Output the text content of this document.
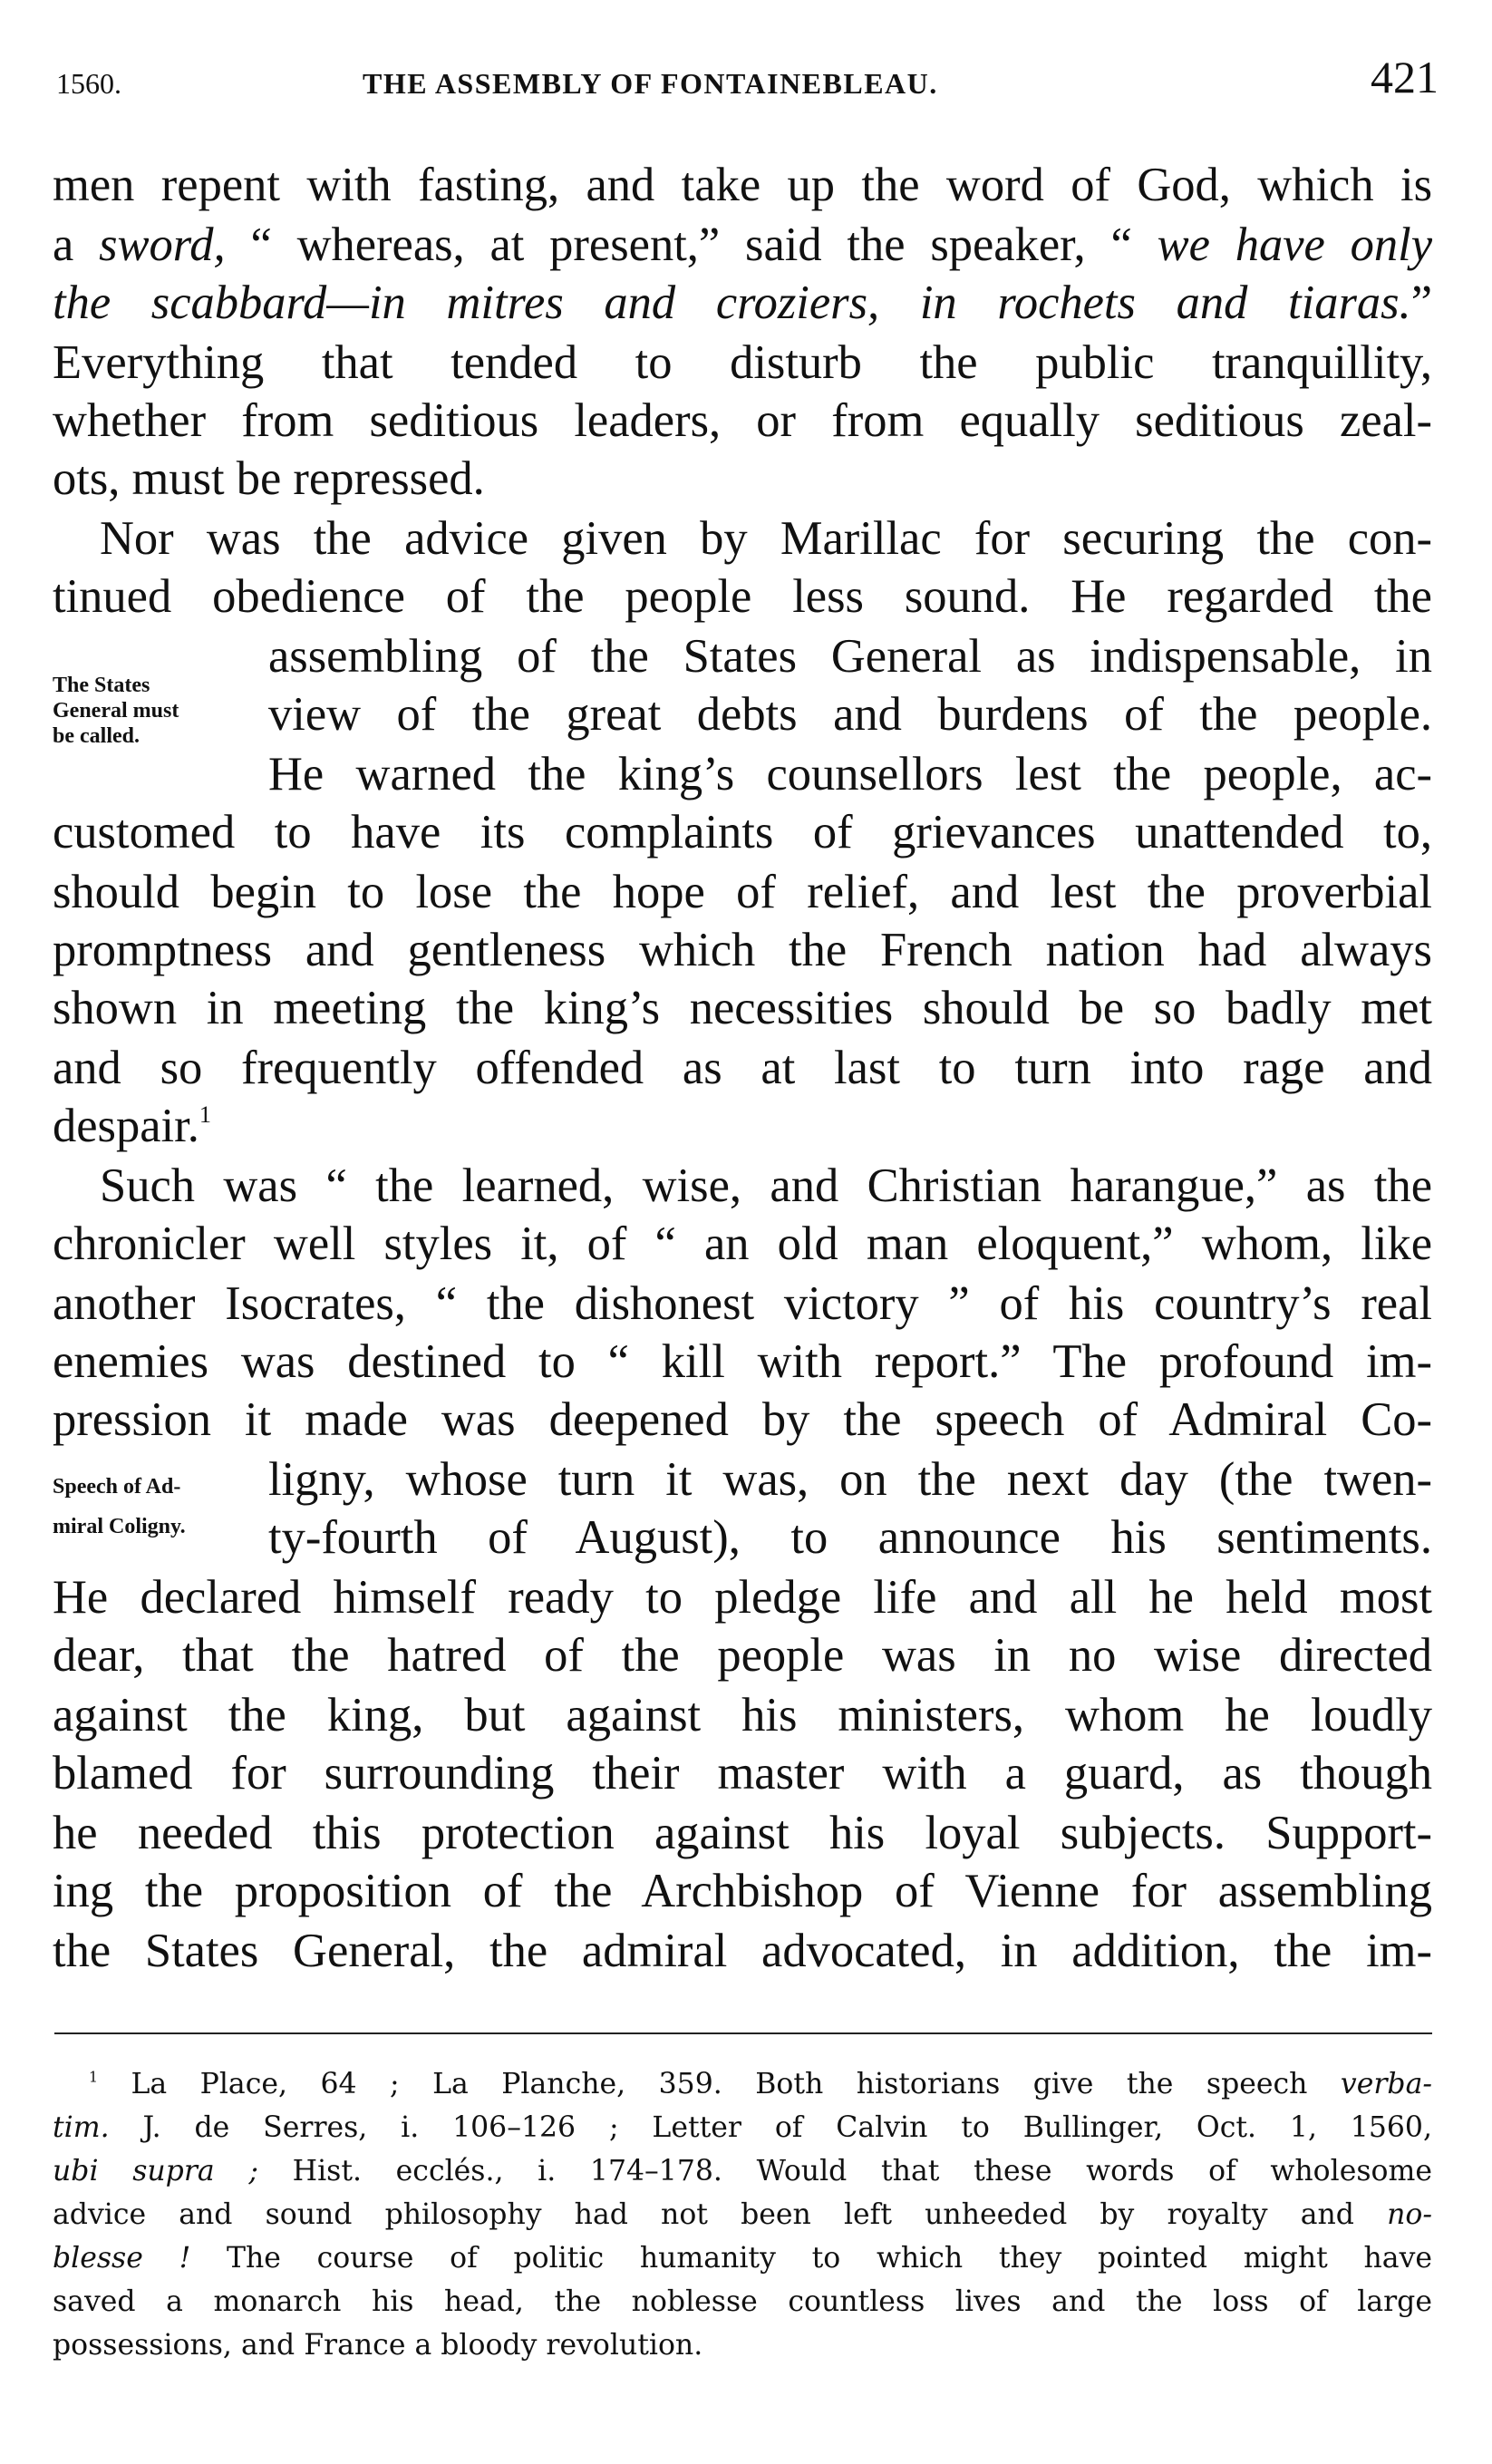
1560.	THE ASSEMBLY OF FONTAINEBLEAU.	421
men repent with fasting, and take up the word of God, which is
a sword, “ whereas, at present,” said the speaker, “ we have only
the scabbard—in mitres and croziers, in rochets and tiaras.”
Everything that tended to disturb the public tranquillity,
whether from seditious leaders, or from equally seditious zeal-
ots, must be repressed.
Nor was the advice given by Marillac for securing the con-
tinued obedience of the people less sound. He regarded the
assembling of the States General as indispensable, in
view of the great debts and burdens of the people.
He warned the king’s counsellors lest the people, ac-
customed to have its complaints of grievances unattended to,
should begin to lose the hope of relief, and lest the proverbial
promptness and gentleness which the French nation had always
shown in meeting the king’s necessities should be so badly met
and so frequently offended as at last to turn into rage and
despair.$^1$
Such was “ the learned, wise, and Christian harangue,” as the
chronicler well styles it, of “ an old man eloquent,” whom, like
another Isocrates, “ the dishonest victory ” of his country’s real
enemies was destined to “ kill with report.” The profound im-
pression it made was deepened by the speech of Admiral Co-
ligny, whose turn it was, on the next day (the twen-
ty-fourth of August), to announce his sentiments.
He declared himself ready to pledge life and all he held most
dear, that the hatred of the people was in no wise directed
against the king, but against his ministers, whom he loudly
blamed for surrounding their master with a guard, as though
he needed this protection against his loyal subjects. Support-
ing the proposition of the Archbishop of Vienne for assembling
the States General, the admiral advocated, in addition, the im-
The States
General must
be called.
Speech of Ad-
miral Coligny.
$^1$ La Place, 64 ; La Planche, 359. Both historians give the speech verba-
tim. J. de Serres, i. 106–126 ; Letter of Calvin to Bullinger, Oct. 1, 1560,
ubi supra ; Hist. ecclés., i. 174–178. Would that these words of wholesome
advice and sound philosophy had not been left unheeded by royalty and no-
blesse ! The course of politic humanity to which they pointed might have
saved a monarch his head, the noblesse countless lives and the loss of large
possessions, and France a bloody revolution.
